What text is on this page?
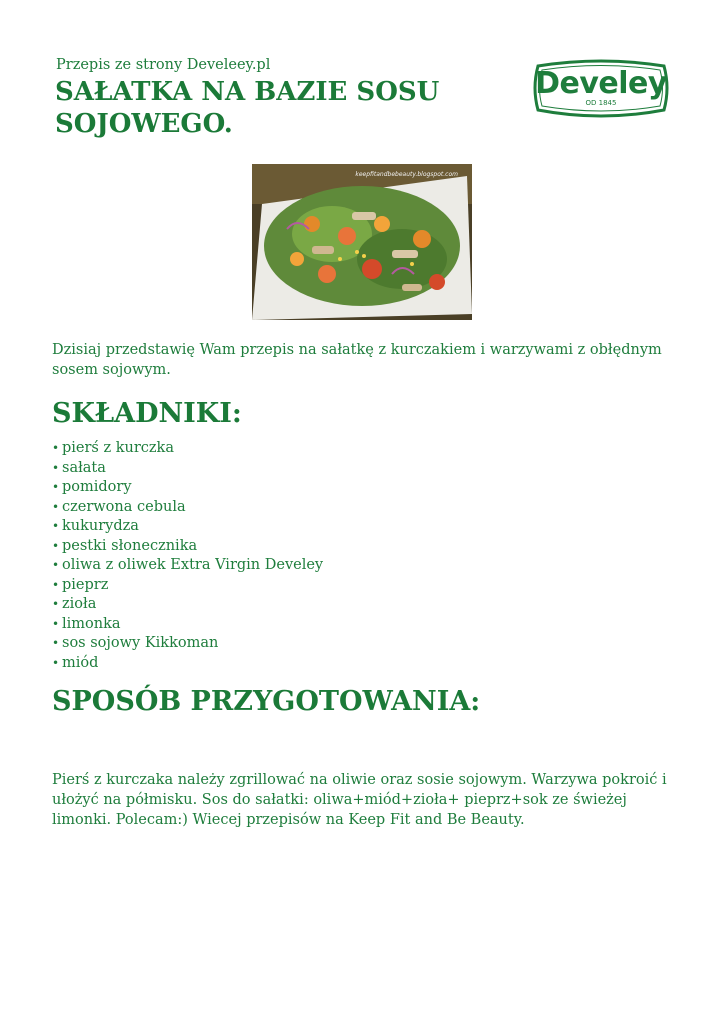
Przepis ze strony Develeey.pl
SAŁATKA NA BAZIE SOSU SOJOWEGO.
Develey
OD 1845
keepfitandbebeauty.blogspot.com

Dzisiaj przedstawię Wam przepis na sałatkę z kurczakiem i warzywami z obłędnym sosem sojowym.

SKŁADNIKI:
• pierś z kurczka
• sałata
• pomidory
• czerwona cebula
• kukurydza
• pestki słonecznika
• oliwa z oliwek Extra Virgin Develey
• pieprz
• zioła
• limonka
• sos sojowy Kikkoman
• miód
SPOSÓB PRZYGOTOWANIA:

Pierś z kurczaka należy zgrillować na oliwie oraz sosie sojowym. Warzywa pokroić i ułożyć na półmisku. Sos do sałatki: oliwa+miód+zioła+ pieprz+sok ze świeżej limonki. Polecam:) Wiecej przepisów na Keep Fit and Be Beauty.
